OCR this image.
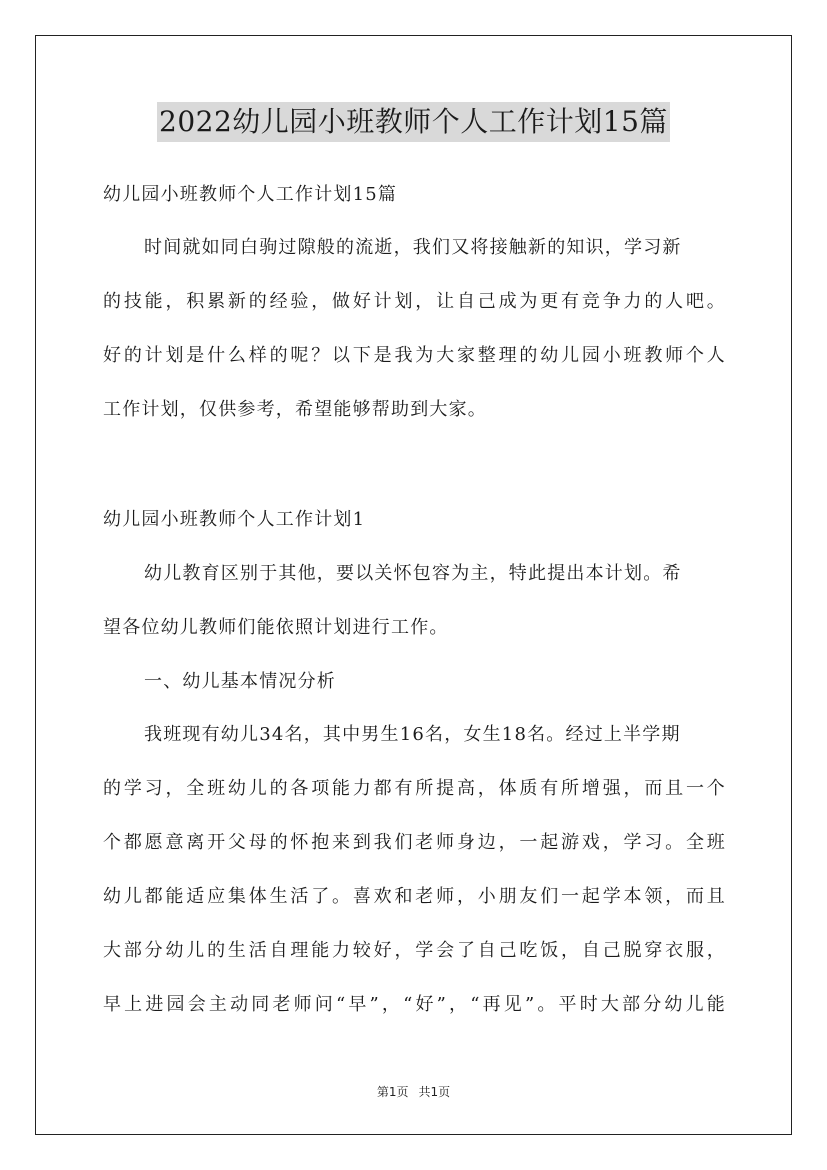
2022幼儿园小班教师个人工作计划15篇
幼儿园小班教师个人工作计划15篇
时间就如同白驹过隙般的流逝，我们又将接触新的知识，学习新
的技能，积累新的经验，做好计划，让自己成为更有竞争力的人吧。
好的计划是什么样的呢？以下是我为大家整理的幼儿园小班教师个人
工作计划，仅供参考，希望能够帮助到大家。
幼儿园小班教师个人工作计划1
幼儿教育区别于其他，要以关怀包容为主，特此提出本计划。希
望各位幼儿教师们能依照计划进行工作。
一、幼儿基本情况分析
我班现有幼儿34名，其中男生16名，女生18名。经过上半学期
的学习，全班幼儿的各项能力都有所提高，体质有所增强，而且一个
个都愿意离开父母的怀抱来到我们老师身边，一起游戏，学习。全班
幼儿都能适应集体生活了。喜欢和老师，小朋友们一起学本领，而且
大部分幼儿的生活自理能力较好，学会了自己吃饭，自己脱穿衣服，
早上进园会主动同老师问“早”，“好”，“再见”。平时大部分幼儿能
第1页 共1页
